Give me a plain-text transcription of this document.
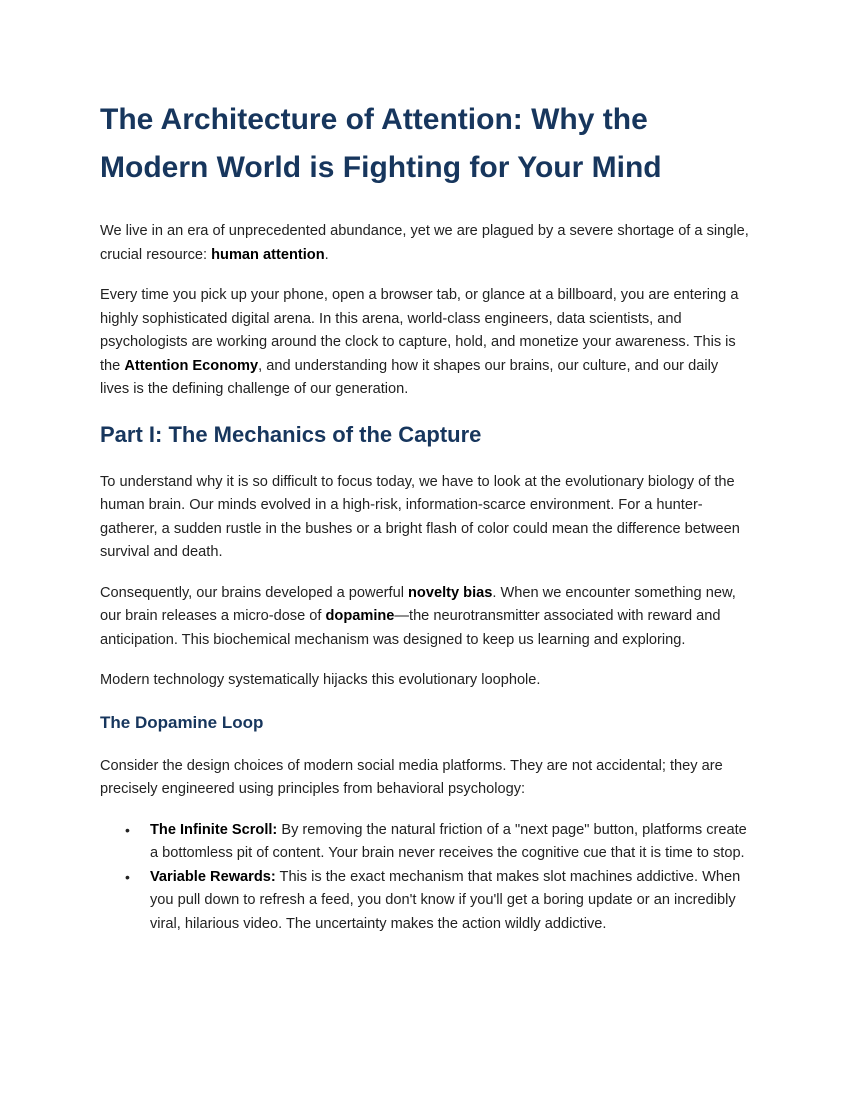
The Architecture of Attention: Why the Modern World is Fighting for Your Mind

We live in an era of unprecedented abundance, yet we are plagued by a severe shortage of a single, crucial resource: human attention.

Every time you pick up your phone, open a browser tab, or glance at a billboard, you are entering a highly sophisticated digital arena. In this arena, world-class engineers, data scientists, and psychologists are working around the clock to capture, hold, and monetize your awareness. This is the Attention Economy, and understanding how it shapes our brains, our culture, and our daily lives is the defining challenge of our generation.

Part I: The Mechanics of the Capture

To understand why it is so difficult to focus today, we have to look at the evolutionary biology of the human brain. Our minds evolved in a high-risk, information-scarce environment. For a hunter-gatherer, a sudden rustle in the bushes or a bright flash of color could mean the difference between survival and death.

Consequently, our brains developed a powerful novelty bias. When we encounter something new, our brain releases a micro-dose of dopamine—the neurotransmitter associated with reward and anticipation. This biochemical mechanism was designed to keep us learning and exploring.

Modern technology systematically hijacks this evolutionary loophole.

The Dopamine Loop

Consider the design choices of modern social media platforms. They are not accidental; they are precisely engineered using principles from behavioral psychology:

• The Infinite Scroll: By removing the natural friction of a "next page" button, platforms create a bottomless pit of content. Your brain never receives the cognitive cue that it is time to stop.
• Variable Rewards: This is the exact mechanism that makes slot machines addictive. When you pull down to refresh a feed, you don't know if you'll get a boring update or an incredibly viral, hilarious video. The uncertainty makes the action wildly addictive.
